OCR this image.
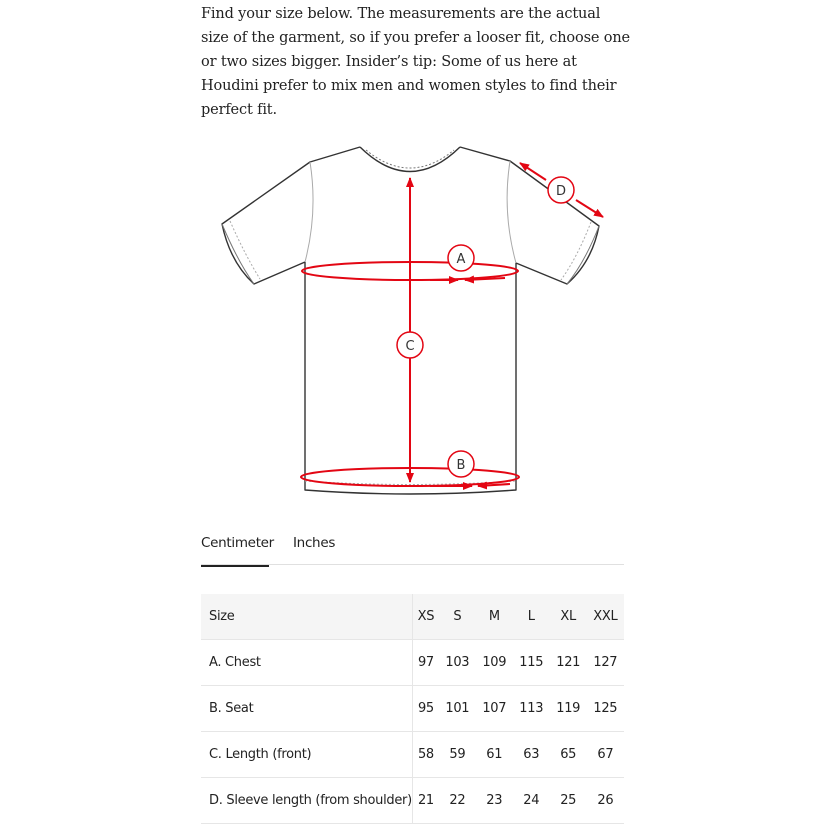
Find your size below. The measurements are the actual size of the garment, so if you prefer a looser fit, choose one or two sizes bigger. Insider’s tip: Some of us here at Houdini prefer to mix men and women styles to find their perfect fit.

A
B
C
D
Centimeter Inches
Size	XS	S	M	L	XL	XXL
A. Chest	97	103	109	115	121	127
B. Seat	95	101	107	113	119	125
C. Length (front)	58	59	61	63	65	67
D. Sleeve length (from shoulder)	21	22	23	24	25	26
